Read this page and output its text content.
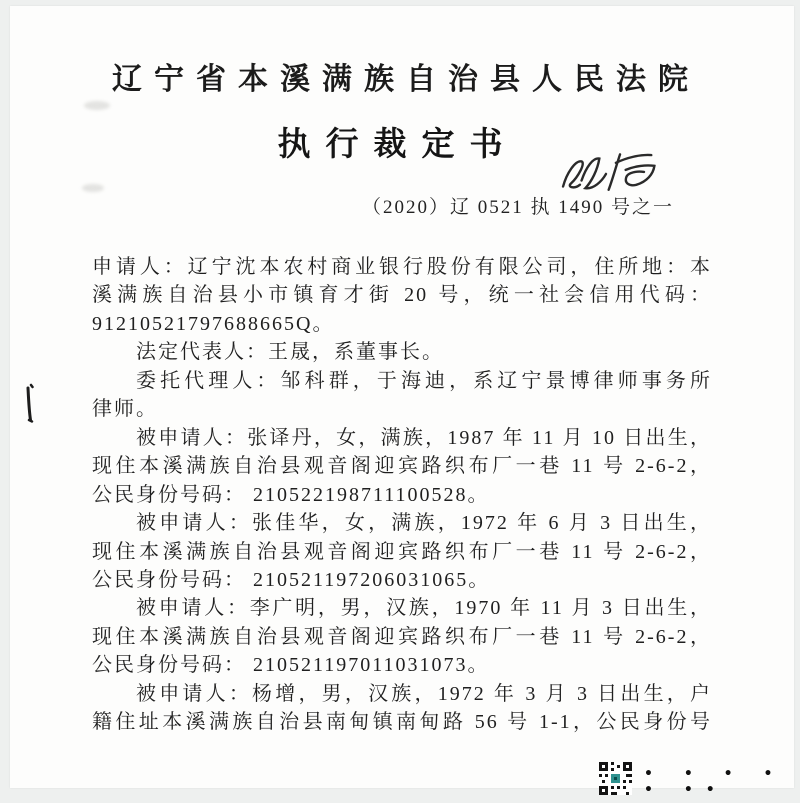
辽宁省本溪满族自治县人民法院
执行裁定书
（2020）辽 0521 执 1490 号之一
申请人：辽宁沈本农村商业银行股份有限公司，住所地：本
溪满族自治县小市镇育才街 20 号，统一社会信用代码：
91210521797688665Q。
法定代表人：王晟，系董事长。
委托代理人：邹科群，于海迪，系辽宁景博律师事务所
律师。
被申请人：张译丹，女，满族，1987 年 11 月 10 日出生，
现住本溪满族自治县观音阁迎宾路织布厂一巷 11 号 2-6-2，
公民身份号码： 210522198711100528。
被申请人：张佳华，女，满族，1972 年 6 月 3 日出生，
现住本溪满族自治县观音阁迎宾路织布厂一巷 11 号 2-6-2，
公民身份号码： 210521197206031065。
被申请人：李广明，男，汉族，1970 年 11 月 3 日出生，
现住本溪满族自治县观音阁迎宾路织布厂一巷 11 号 2-6-2，
公民身份号码： 210521197011031073。
被申请人：杨增，男，汉族，1972 年 3 月 3 日出生，户
籍住址本溪满族自治县南甸镇南甸路 56 号 1-1，公民身份号
• • • • • ••
